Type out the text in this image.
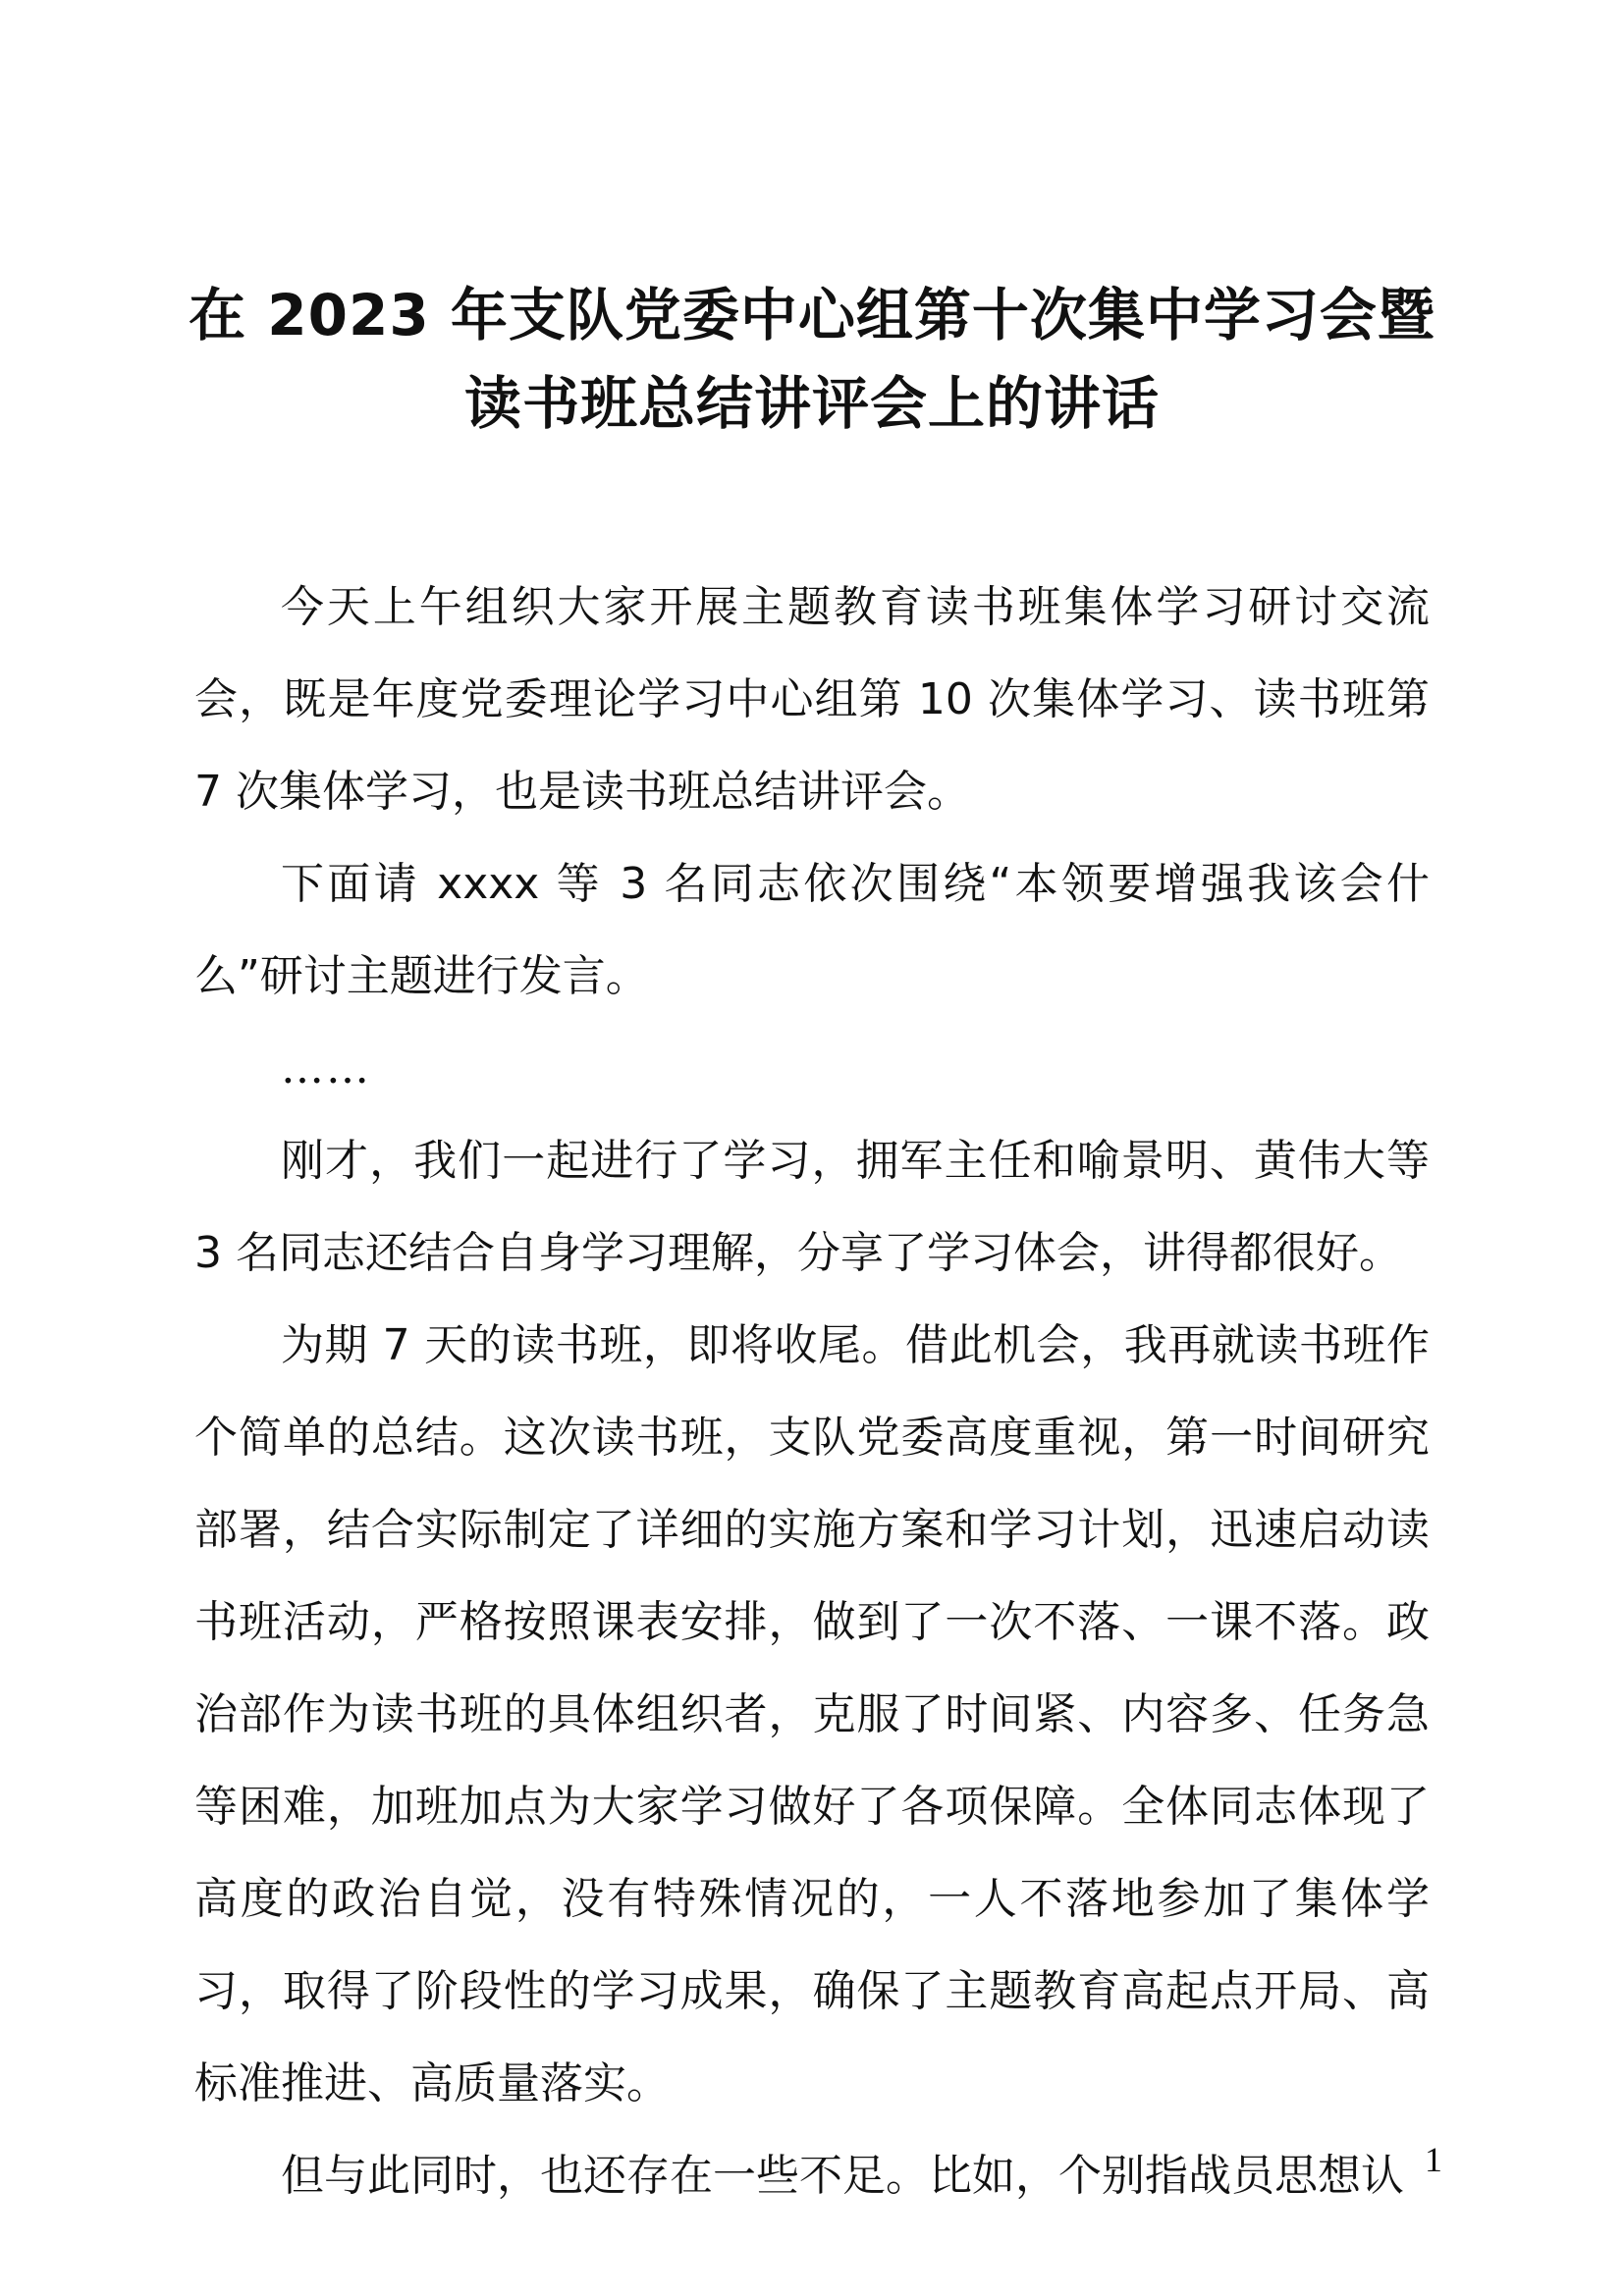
在 2023 年支队党委中心组第十次集中学习会暨
读书班总结讲评会上的讲话

今天上午组织大家开展主题教育读书班集体学习研讨交流会，既是年度党委理论学习中心组第 10 次集体学习、读书班第 7 次集体学习，也是读书班总结讲评会。

下面请 xxxx 等 3 名同志依次围绕“本领要增强我该会什么”研讨主题进行发言。

……

刚才，我们一起进行了学习，拥军主任和喻景明、黄伟大等 3 名同志还结合自身学习理解，分享了学习体会，讲得都很好。

为期 7 天的读书班，即将收尾。借此机会，我再就读书班作个简单的总结。这次读书班，支队党委高度重视，第一时间研究部署，结合实际制定了详细的实施方案和学习计划，迅速启动读书班活动，严格按照课表安排，做到了一次不落、一课不落。政治部作为读书班的具体组织者，克服了时间紧、内容多、任务急等困难，加班加点为大家学习做好了各项保障。全体同志体现了高度的政治自觉，没有特殊情况的，一人不落地参加了集体学习，取得了阶段性的学习成果，确保了主题教育高起点开局、高标准推进、高质量落实。

但与此同时，也还存在一些不足。比如，个别指战员思想认 1
